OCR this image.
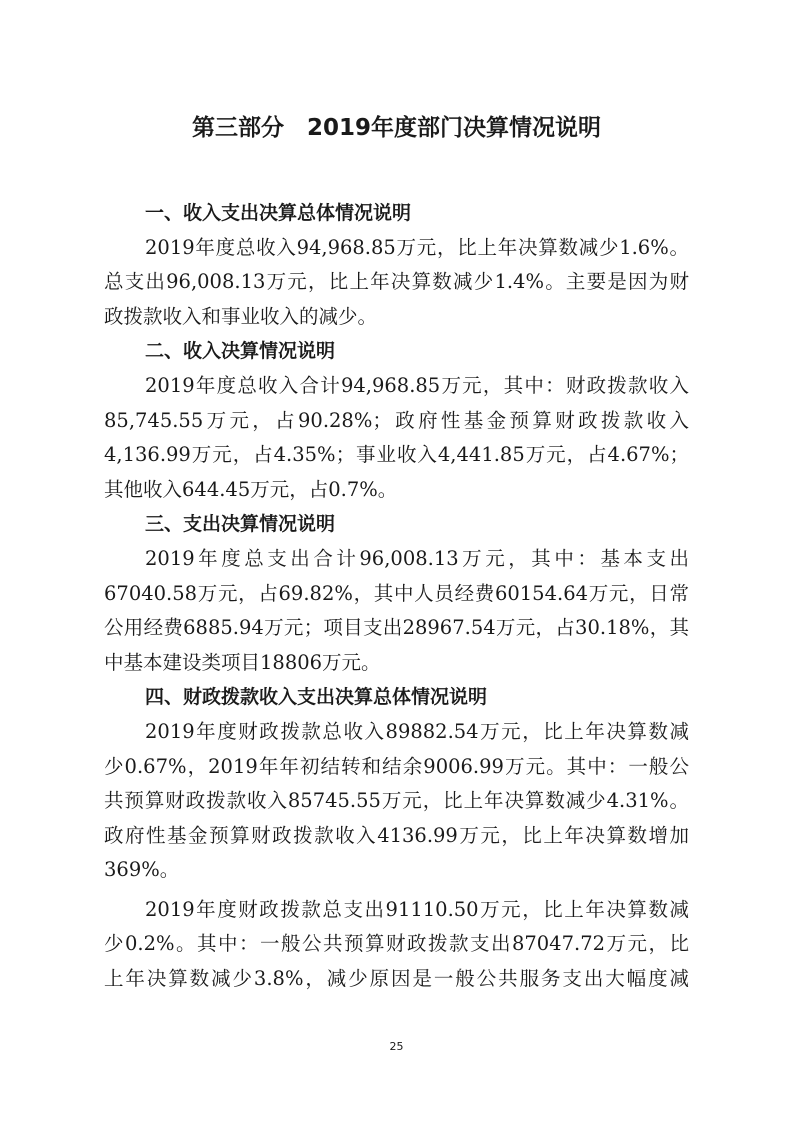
第三部分　2019年度部门决算情况说明

一、收入支出决算总体情况说明

2019年度总收入94,968.85万元，比上年决算数减少1.6%。
总支出96,008.13万元，比上年决算数减少1.4%。主要是因为财
政拨款收入和事业收入的减少。

二、收入决算情况说明

2019年度总收入合计94,968.85万元，其中：财政拨款收入
85,745.55万元，占90.28%；政府性基金预算财政拨款收入
4,136.99万元，占4.35%；事业收入4,441.85万元，占4.67%；
其他收入644.45万元，占0.7%。

三、支出决算情况说明

2019年度总支出合计96,008.13万元，其中：基本支出
67040.58万元，占69.82%，其中人员经费60154.64万元，日常
公用经费6885.94万元；项目支出28967.54万元，占30.18%，其
中基本建设类项目18806万元。

四、财政拨款收入支出决算总体情况说明

2019年度财政拨款总收入89882.54万元，比上年决算数减
少0.67%，2019年年初结转和结余9006.99万元。其中：一般公
共预算财政拨款收入85745.55万元，比上年决算数减少4.31%。
政府性基金预算财政拨款收入4136.99万元，比上年决算数增加
369%。

2019年度财政拨款总支出91110.50万元，比上年决算数减
少0.2%。其中：一般公共预算财政拨款支出87047.72万元，比
上年决算数减少3.8%，减少原因是一般公共服务支出大幅度减

25
